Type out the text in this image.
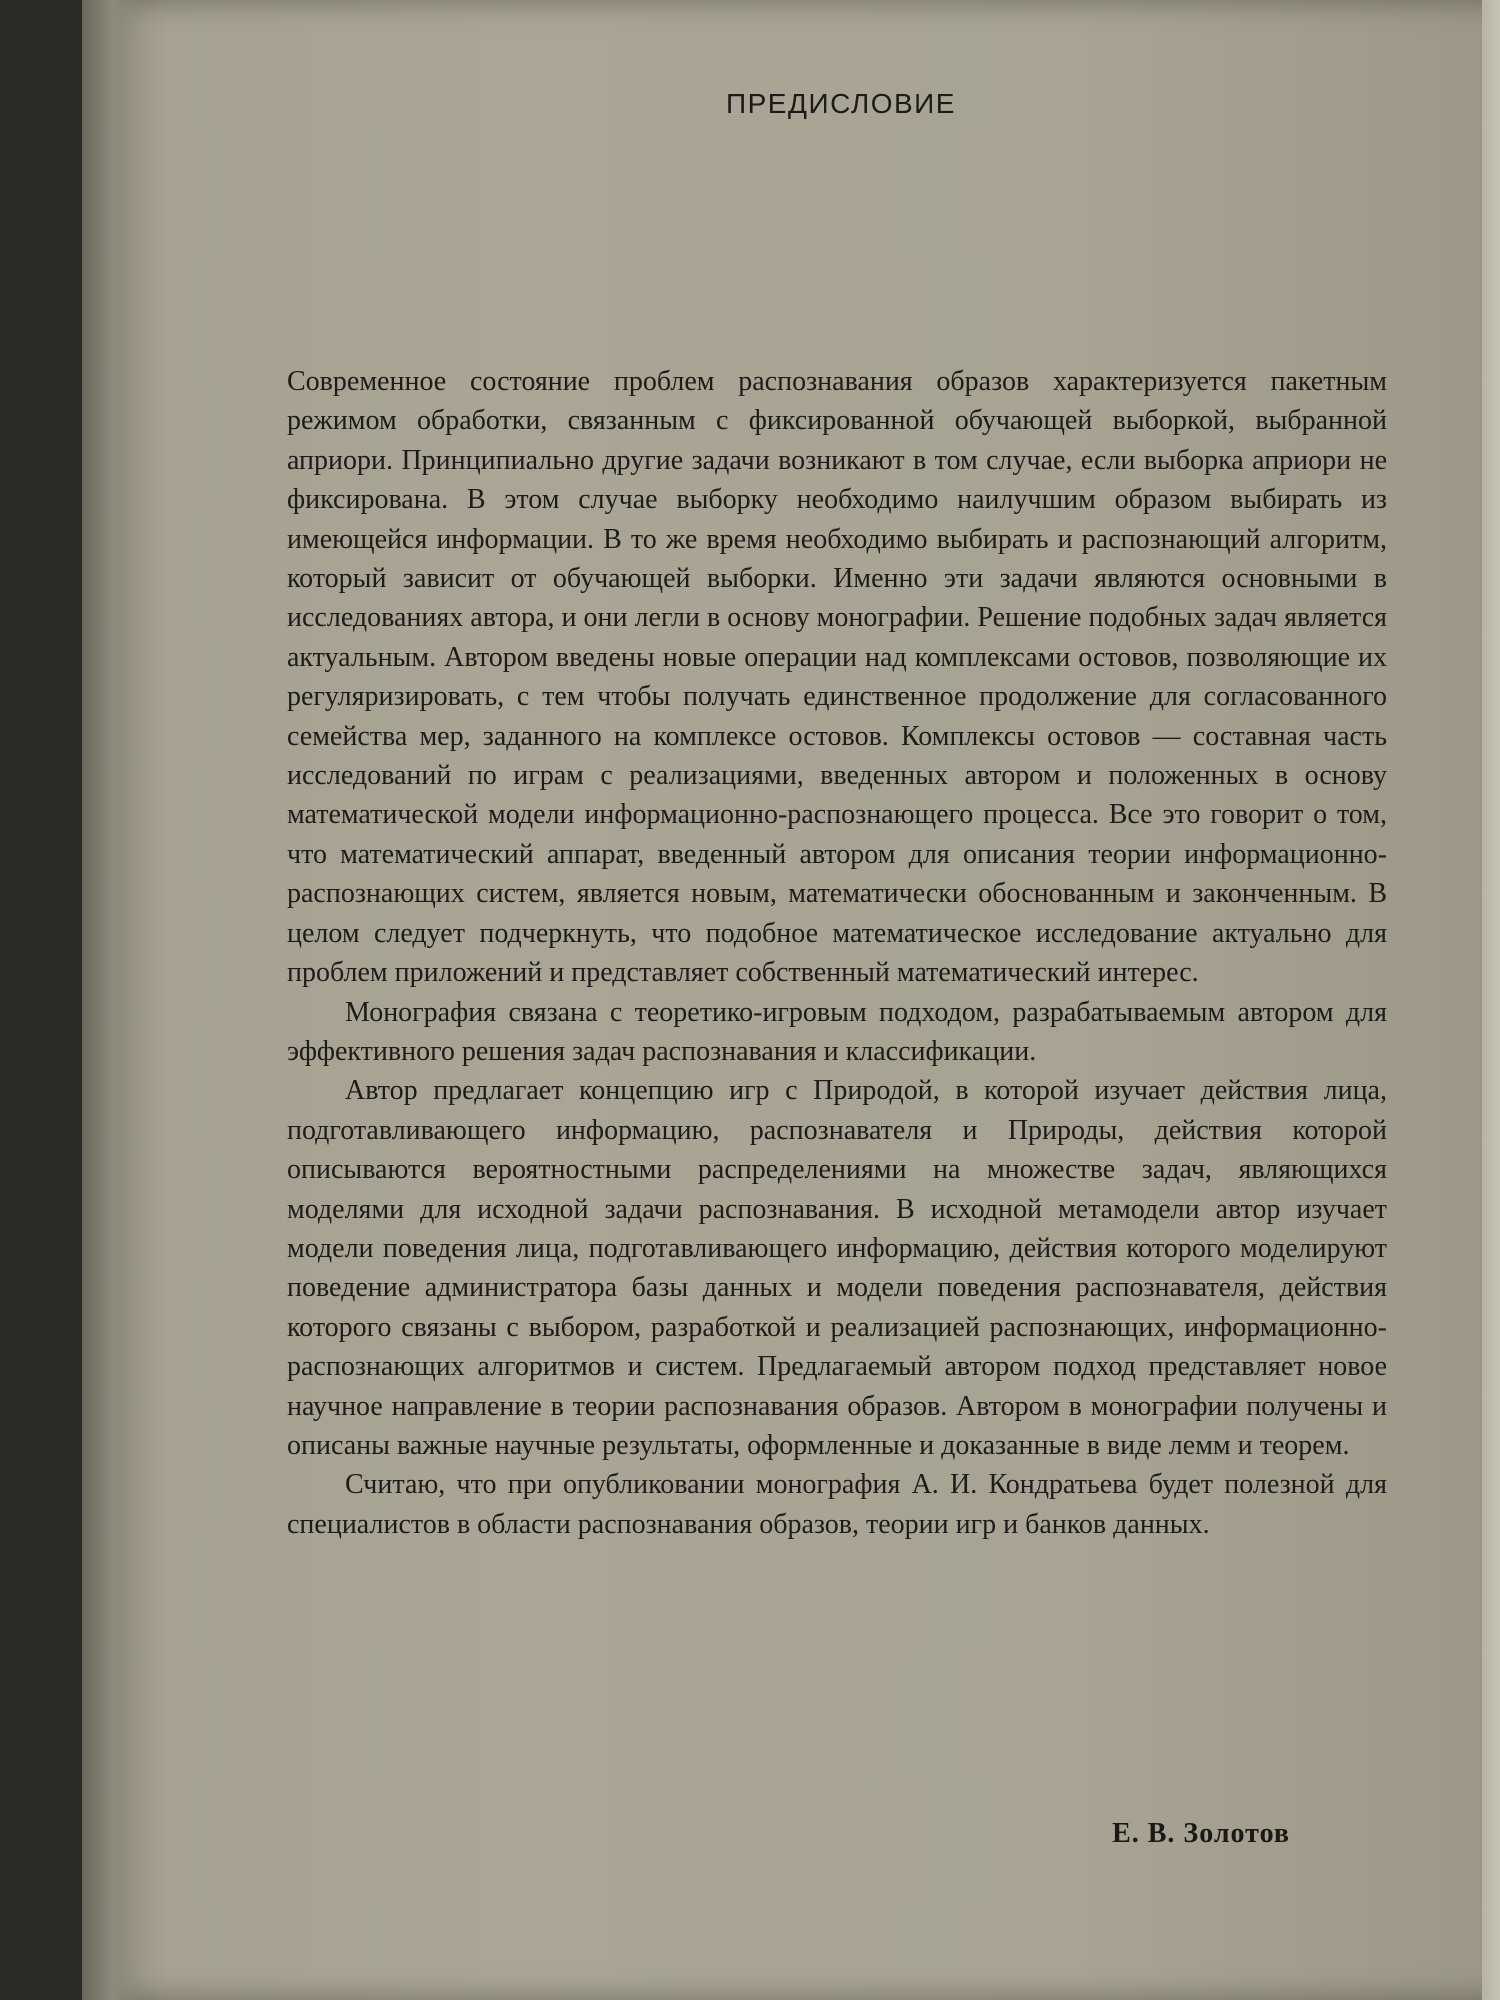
ПРЕДИСЛОВИЕ

Современное состояние проблем распознавания образов характеризуется пакетным режимом обработки, связанным с фиксированной обучающей выборкой, выбранной априори. Принципиально другие задачи возникают в том случае, если выборка априори не фиксирована. В этом случае выборку необходимо наилучшим образом выбирать из имеющейся информации. В то же время необходимо выбирать и распознающий алгоритм, который зависит от обучающей выборки. Именно эти задачи являются основными в исследованиях автора, и они легли в основу монографии. Решение подобных задач является актуальным. Автором введены новые операции над комплексами остовов, позволяющие их регуляризировать, с тем чтобы получать единственное продолжение для согласованного семейства мер, заданного на комплексе остовов. Комплексы остовов — составная часть исследований по играм с реализациями, введенных автором и положенных в основу математической модели информационно-распознающего процесса. Все это говорит о том, что математический аппарат, введенный автором для описания теории информационно-распознающих систем, является новым, математически обоснованным и законченным. В целом следует подчеркнуть, что подобное математическое исследование актуально для проблем приложений и представляет собственный математический интерес.

Монография связана с теоретико-игровым подходом, разрабатываемым автором для эффективного решения задач распознавания и классификации.

Автор предлагает концепцию игр с Природой, в которой изучает действия лица, подготавливающего информацию, распознавателя и Природы, действия которой описываются вероятностными распределениями на множестве задач, являющихся моделями для исходной задачи распознавания. В исходной метамодели автор изучает модели поведения лица, подготавливающего информацию, действия которого моделируют поведение администратора базы данных и модели поведения распознавателя, действия которого связаны с выбором, разработкой и реализацией распознающих, информационно-распознающих алгоритмов и систем. Предлагаемый автором подход представляет новое научное направление в теории распознавания образов. Автором в монографии получены и описаны важные научные результаты, оформленные и доказанные в виде лемм и теорем.

Считаю, что при опубликовании монография А. И. Кондратьева будет полезной для специалистов в области распознавания образов, теории игр и банков данных.

Е. В. Золотов
